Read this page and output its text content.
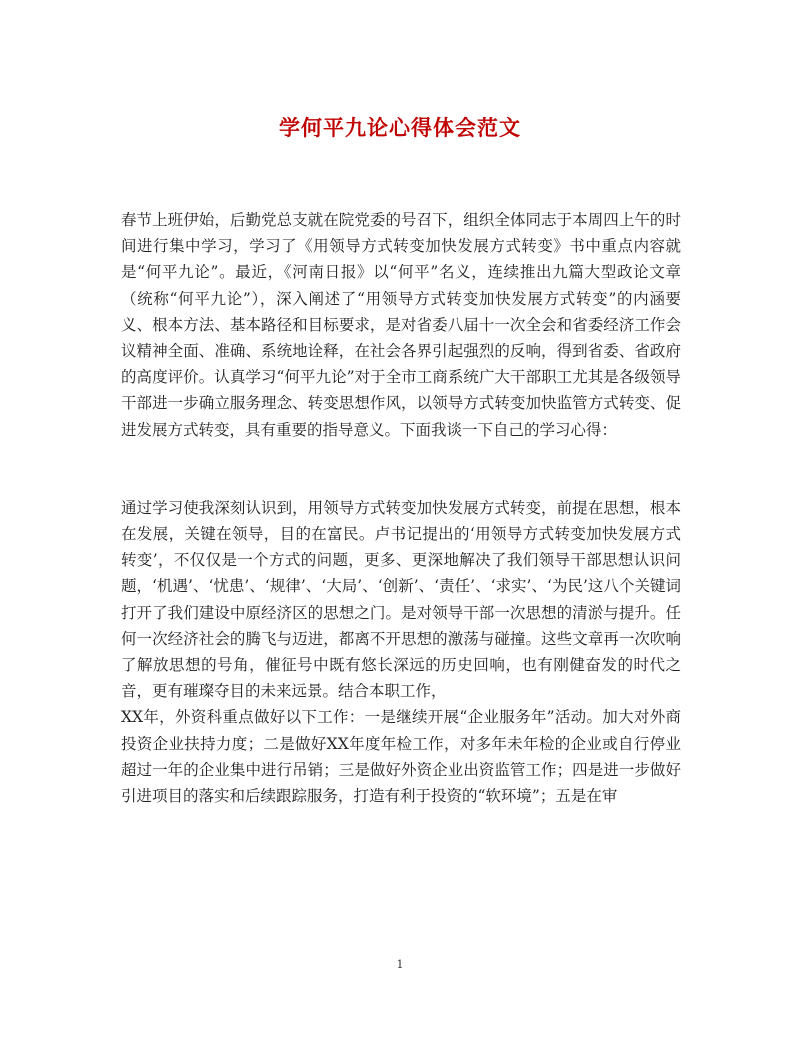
学何平九论心得体会范文

春节上班伊始，后勤党总支就在院党委的号召下，组织全体同志于本周四上午的时间进行集中学习，学习了《用领导方式转变加快发展方式转变》书中重点内容就是“何平九论”。最近，《河南日报》以“何平”名义，连续推出九篇大型政论文章（统称“何平九论”），深入阐述了“用领导方式转变加快发展方式转变”的内涵要义、根本方法、基本路径和目标要求，是对省委八届十一次全会和省委经济工作会议精神全面、准确、系统地诠释，在社会各界引起强烈的反响，得到省委、省政府的高度评价。认真学习“何平九论”对于全市工商系统广大干部职工尤其是各级领导干部进一步确立服务理念、转变思想作风，以领导方式转变加快监管方式转变、促进发展方式转变，具有重要的指导意义。下面我谈一下自己的学习心得：

通过学习使我深刻认识到，用领导方式转变加快发展方式转变，前提在思想，根本在发展，关键在领导，目的在富民。卢书记提出的‘用领导方式转变加快发展方式转变’，不仅仅是一个方式的问题，更多、更深地解决了我们领导干部思想认识问题，‘机遇’、‘忧患’、‘规律’、‘大局’、‘创新’、‘责任’、‘求实’、‘为民’这八个关键词打开了我们建设中原经济区的思想之门。是对领导干部一次思想的清淤与提升。任何一次经济社会的腾飞与迈进，都离不开思想的激荡与碰撞。这些文章再一次吹响了解放思想的号角，催征号中既有悠长深远的历史回响，也有刚健奋发的时代之音，更有璀璨夺目的未来远景。结合本职工作，

XX年，外资科重点做好以下工作：一是继续开展“企业服务年”活动。加大对外商投资企业扶持力度；二是做好XX年度年检工作，对多年未年检的企业或自行停业超过一年的企业集中进行吊销；三是做好外资企业出资监管工作；四是进一步做好引进项目的落实和后续跟踪服务，打造有利于投资的“软环境”；五是在审

1
